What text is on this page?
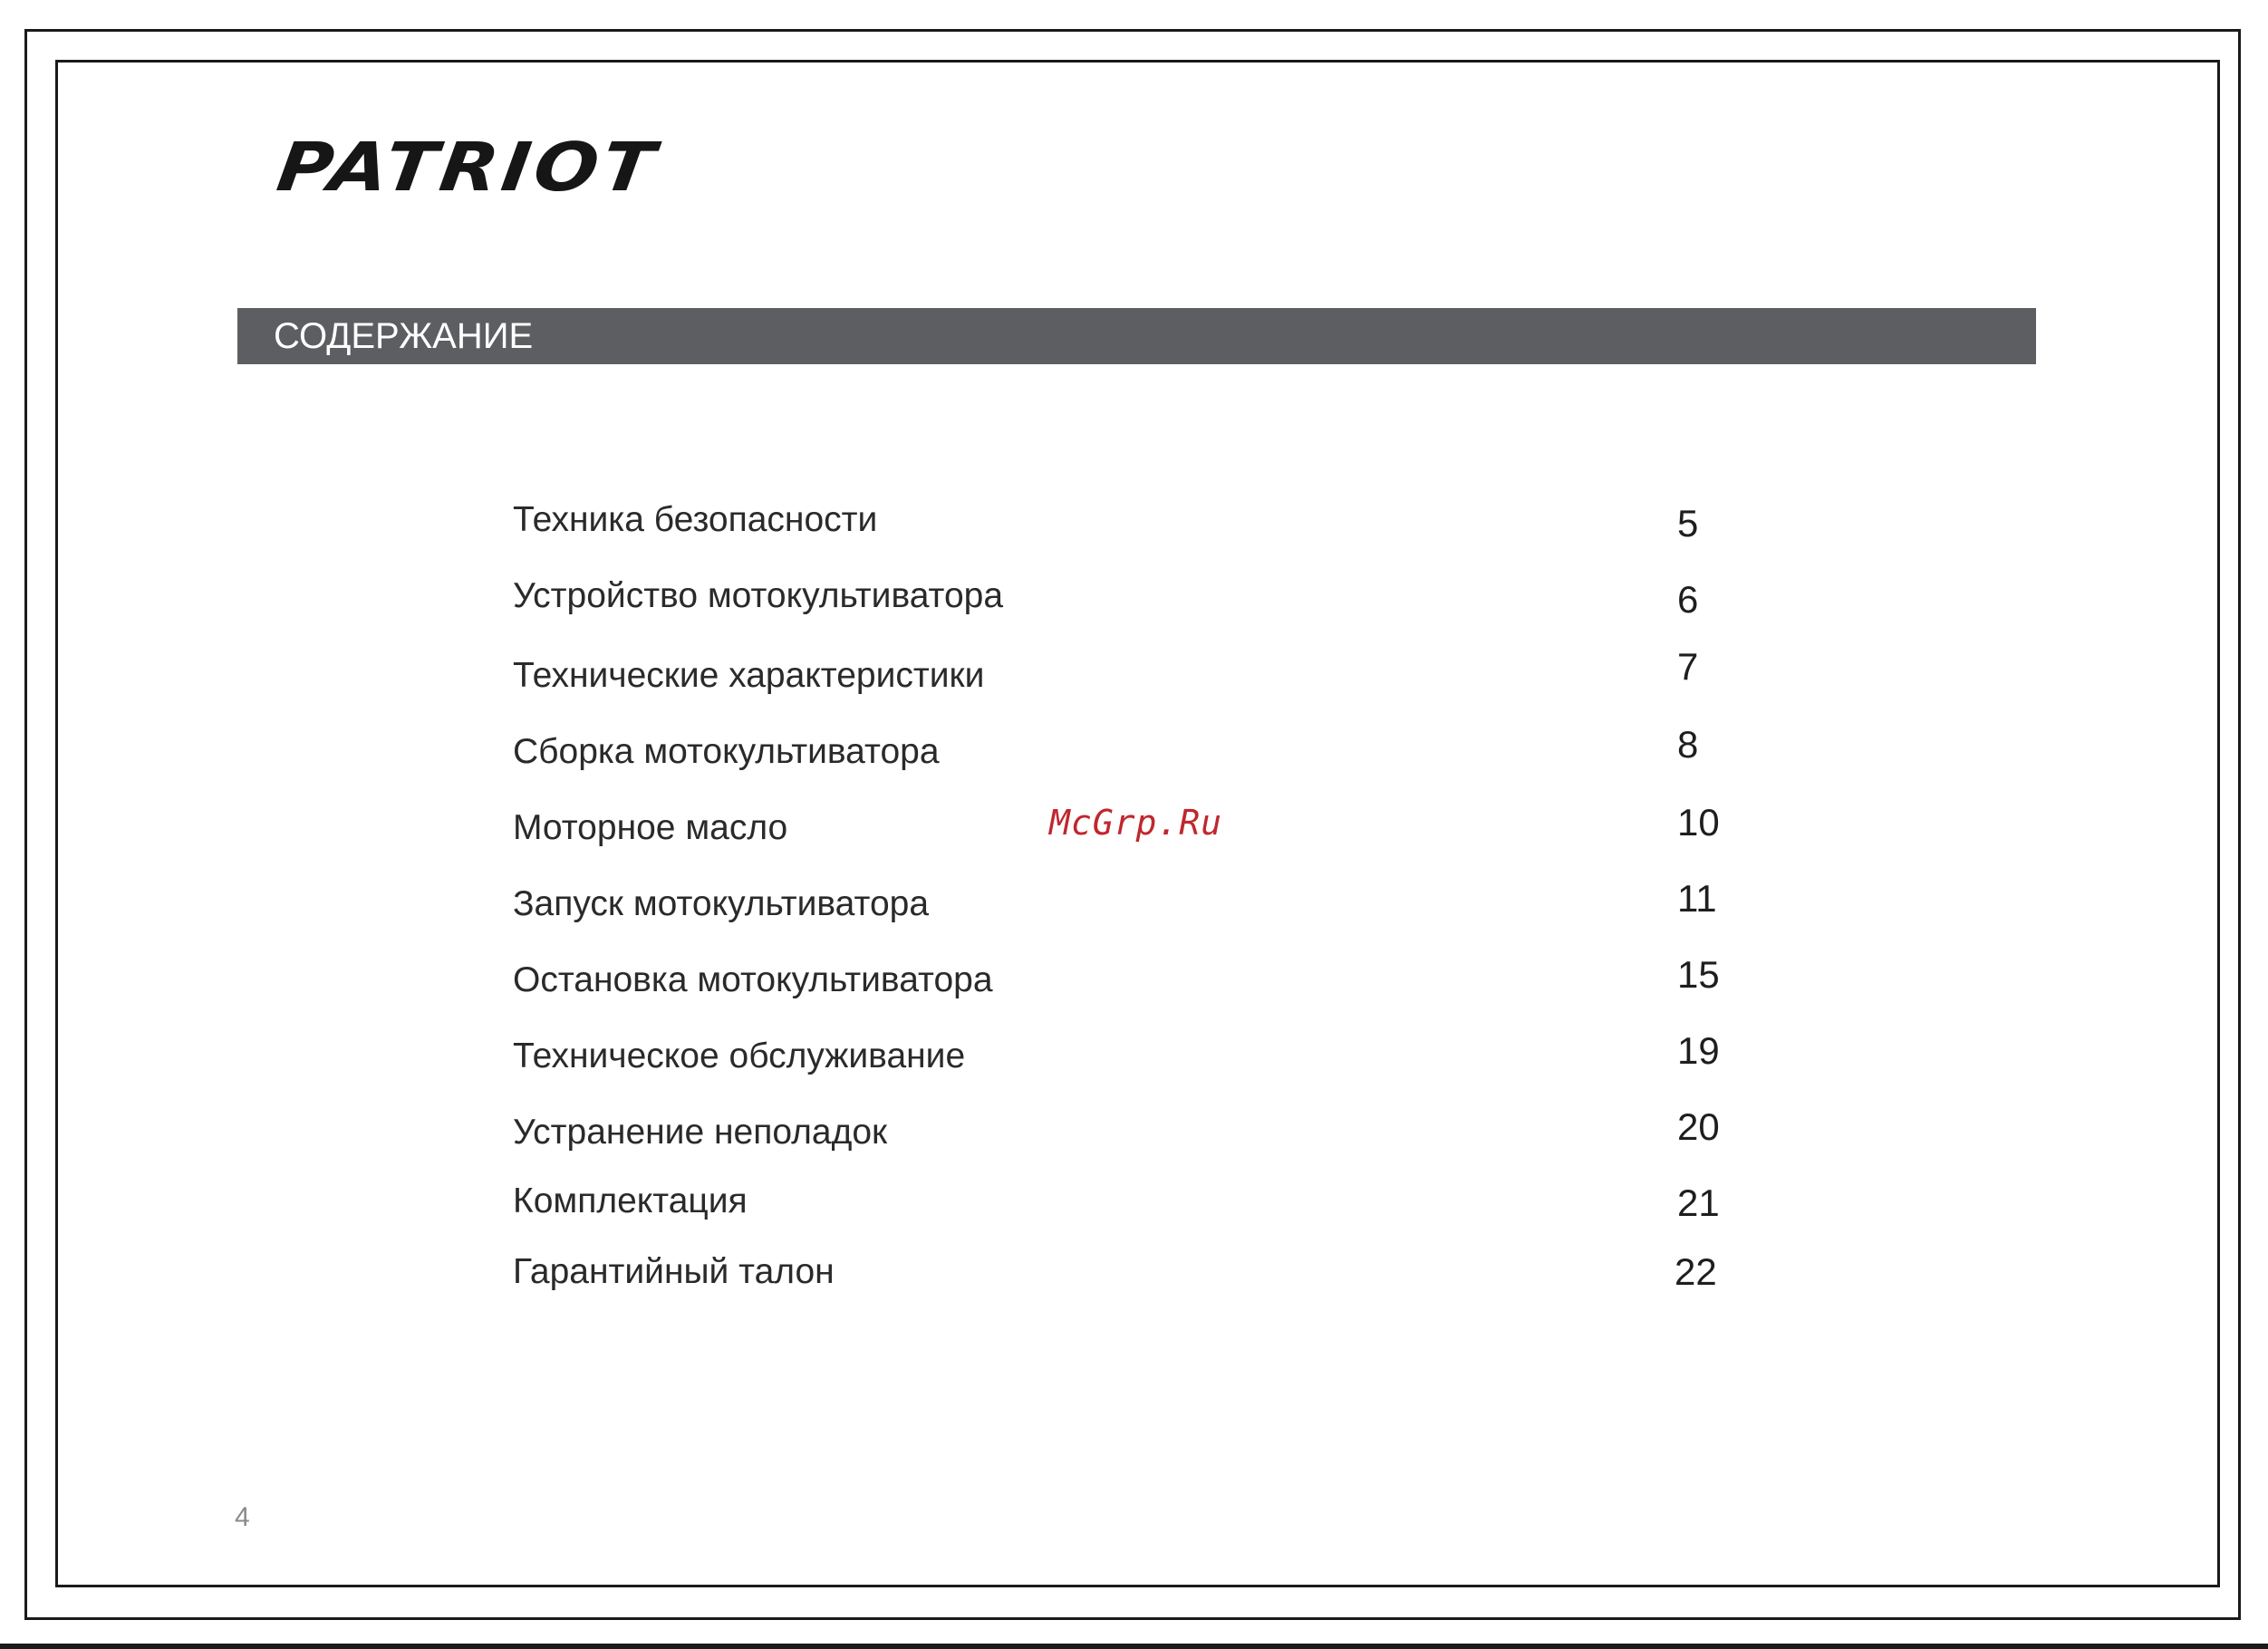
PATRIOT
СОДЕРЖАНИЕ
Техника безопасности	5
Устройство мотокультиватора	6
Технические характеристики	7
Сборка мотокультиватора	8
Моторное масло	10
Запуск мотокультиватора	11
Остановка мотокультиватора	15
Техническое обслуживание	19
Устранение неполадок	20
Комплектация	21
Гарантийный талон	22
McGrp.Ru
4
